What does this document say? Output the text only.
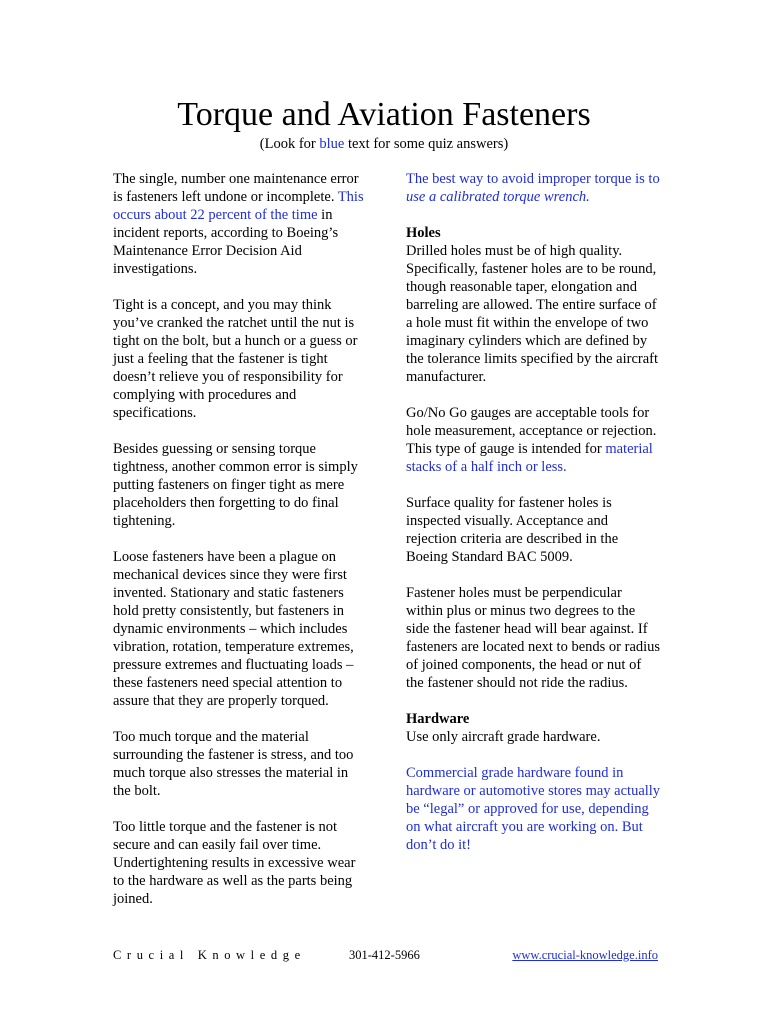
Torque and Aviation Fasteners
(Look for blue text for some quiz answers)

The single, number one maintenance error is fasteners left undone or incomplete. This occurs about 22 percent of the time in incident reports, according to Boeing’s Maintenance Error Decision Aid investigations.

Tight is a concept, and you may think you’ve cranked the ratchet until the nut is tight on the bolt, but a hunch or a guess or just a feeling that the fastener is tight doesn’t relieve you of responsibility for complying with procedures and specifications.

Besides guessing or sensing torque tightness, another common error is simply putting fasteners on finger tight as mere placeholders then forgetting to do final tightening.

Loose fasteners have been a plague on mechanical devices since they were first invented. Stationary and static fasteners hold pretty consistently, but fasteners in dynamic environments – which includes vibration, rotation, temperature extremes, pressure extremes and fluctuating loads – these fasteners need special attention to assure that they are properly torqued.

Too much torque and the material surrounding the fastener is stress, and too much torque also stresses the material in the bolt.

Too little torque and the fastener is not secure and can easily fail over time. Undertightening results in excessive wear to the hardware as well as the parts being joined.

The best way to avoid improper torque is to use a calibrated torque wrench.

Holes

Drilled holes must be of high quality. Specifically, fastener holes are to be round, though reasonable taper, elongation and barreling are allowed. The entire surface of a hole must fit within the envelope of two imaginary cylinders which are defined by the tolerance limits specified by the aircraft manufacturer.

Go/No Go gauges are acceptable tools for hole measurement, acceptance or rejection. This type of gauge is intended for material stacks of a half inch or less.

Surface quality for fastener holes is inspected visually. Acceptance and rejection criteria are described in the Boeing Standard BAC 5009.

Fastener holes must be perpendicular within plus or minus two degrees to the side the fastener head will bear against. If fasteners are located next to bends or radius of joined components, the head or nut of the fastener should not ride the radius.

Hardware

Use only aircraft grade hardware.

Commercial grade hardware found in hardware or automotive stores may actually be “legal” or approved for use, depending on what aircraft you are working on. But don’t do it!

Crucial Knowledge	301-412-5966	www.crucial-knowledge.info
